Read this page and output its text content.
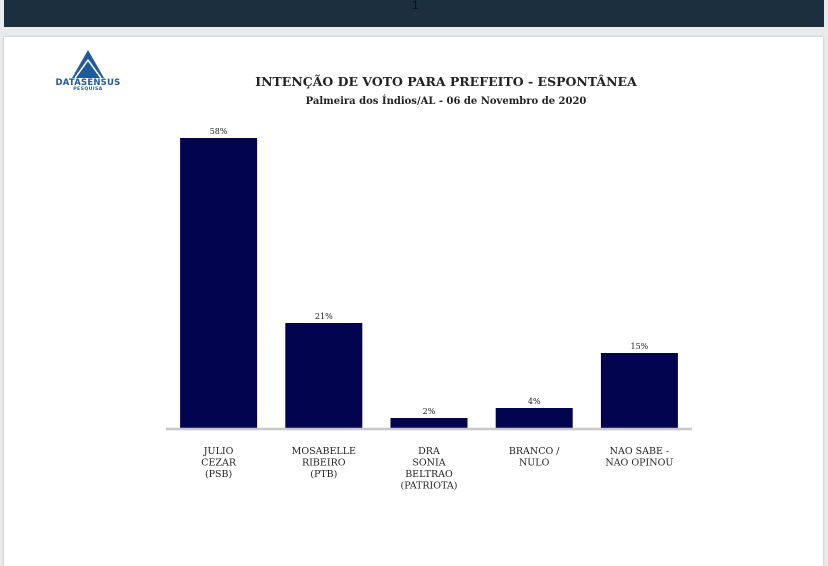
1
DATASENSUS
PESQUISA
INTENÇÃO DE VOTO PARA PREFEITO - ESPONTÂNEA
Palmeira dos Índios/AL - 06 de Novembro de 2020
58%
JULIO
CEZAR
(PSB)
21%
MOSABELLE
RIBEIRO
(PTB)
2%
DRA
SONIA
BELTRAO
(PATRIOTA)
4%
BRANCO /
NULO
15%
NAO SABE -
NAO OPINOU
